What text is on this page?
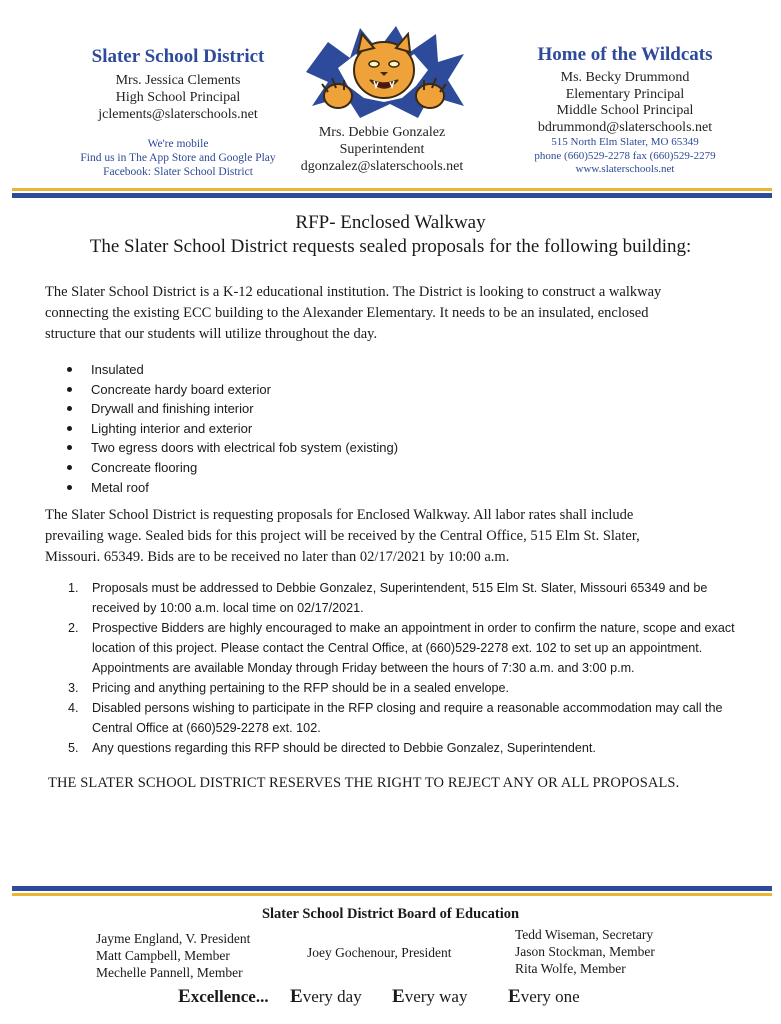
Slater School District
Mrs. Jessica Clements
High School Principal
jclements@slaterschools.net
We're mobile
Find us in The App Store and Google Play
Facebook: Slater School District
Mrs. Debbie Gonzalez
Superintendent
dgonzalez@slaterschools.net
Home of the Wildcats
Ms. Becky Drummond
Elementary Principal
Middle School Principal
bdrummond@slaterschools.net
515 North Elm Slater, MO 65349
phone (660)529-2278 fax (660)529-2279
www.slaterschools.net
RFP- Enclosed Walkway
The Slater School District requests sealed proposals for the following building:
The Slater School District is a K-12 educational institution. The District is looking to construct a walkway
connecting the existing ECC building to the Alexander Elementary. It needs to be an insulated, enclosed
structure that our students will utilize throughout the day.
Insulated
Concreate hardy board exterior
Drywall and finishing interior
Lighting interior and exterior
Two egress doors with electrical fob system (existing)
Concreate flooring
Metal roof
The Slater School District is requesting proposals for Enclosed Walkway. All labor rates shall include
prevailing wage. Sealed bids for this project will be received by the Central Office, 515 Elm St. Slater,
Missouri. 65349. Bids are to be received no later than 02/17/2021 by 10:00 a.m.
1. Proposals must be addressed to Debbie Gonzalez, Superintendent, 515 Elm St. Slater, Missouri 65349 and be received by 10:00 a.m. local time on 02/17/2021.
2. Prospective Bidders are highly encouraged to make an appointment in order to confirm the nature, scope and exact location of this project. Please contact the Central Office, at (660)529-2278 ext. 102 to set up an appointment. Appointments are available Monday through Friday between the hours of 7:30 a.m. and 3:00 p.m.
3. Pricing and anything pertaining to the RFP should be in a sealed envelope.
4. Disabled persons wishing to participate in the RFP closing and require a reasonable accommodation may call the Central Office at (660)529-2278 ext. 102.
5. Any questions regarding this RFP should be directed to Debbie Gonzalez, Superintendent.
THE SLATER SCHOOL DISTRICT RESERVES THE RIGHT TO REJECT ANY OR ALL PROPOSALS.
Slater School District Board of Education
Jayme England, V. President
Matt Campbell, Member
Mechelle Pannell, Member
Joey Gochenour, President
Tedd Wiseman, Secretary
Jason Stockman, Member
Rita Wolfe, Member
Excellence... Every day Every way Every one
